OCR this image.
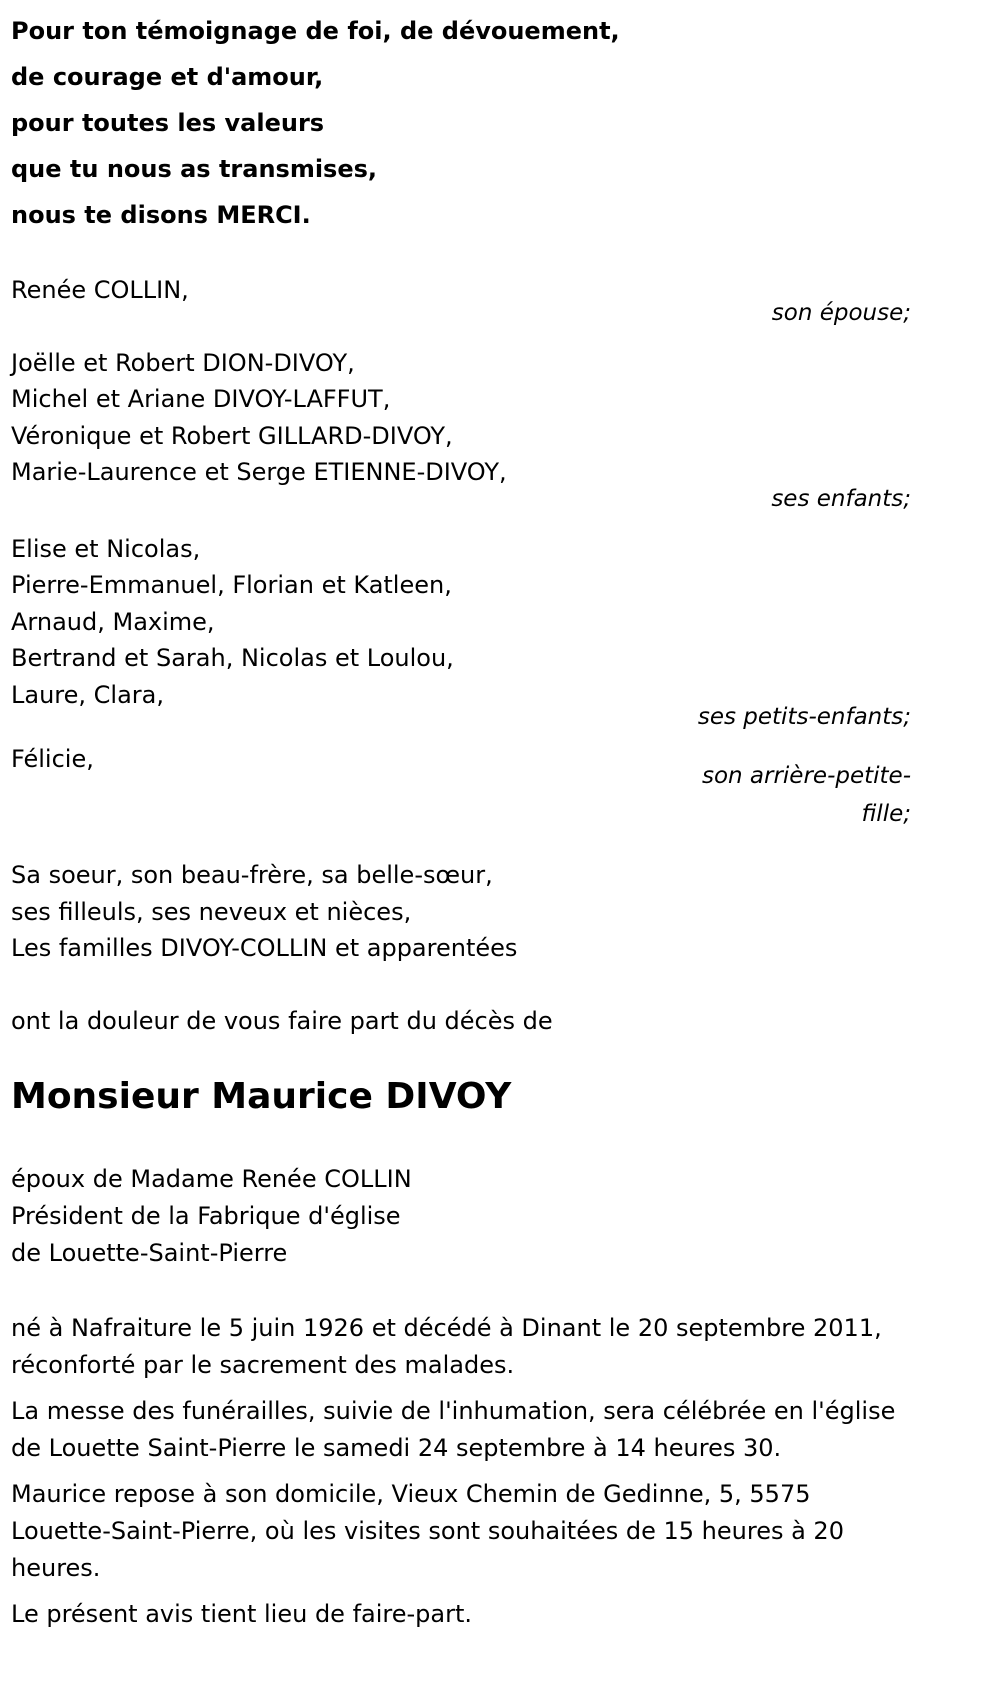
Pour ton témoignage de foi, de dévouement,
de courage et d'amour,
pour toutes les valeurs
que tu nous as transmises,
nous te disons MERCI.
Renée COLLIN,
son épouse;
Joëlle et Robert DION-DIVOY,
Michel et Ariane DIVOY-LAFFUT,
Véronique et Robert GILLARD-DIVOY,
Marie-Laurence et Serge ETIENNE-DIVOY,
ses enfants;
Elise et Nicolas,
Pierre-Emmanuel, Florian et Katleen,
Arnaud, Maxime,
Bertrand et Sarah, Nicolas et Loulou,
Laure, Clara,
ses petits-enfants;
Félicie,
son arrière-petite-fille;
Sa soeur, son beau-frère, sa belle-sœur,
ses filleuls, ses neveux et nièces,
Les familles DIVOY-COLLIN et apparentées
ont la douleur de vous faire part du décès de
Monsieur Maurice DIVOY
époux de Madame Renée COLLIN
Président de la Fabrique d'église
de Louette-Saint-Pierre

né à Nafraiture le 5 juin 1926 et décédé à Dinant le 20 septembre 2011, réconforté par le sacrement des malades.

La messe des funérailles, suivie de l'inhumation, sera célébrée en l'église de Louette Saint-Pierre le samedi 24 septembre à 14 heures 30.

Maurice repose à son domicile, Vieux Chemin de Gedinne, 5, 5575 Louette-Saint-Pierre, où les visites sont souhaitées de 15 heures à 20 heures.

Le présent avis tient lieu de faire-part.
